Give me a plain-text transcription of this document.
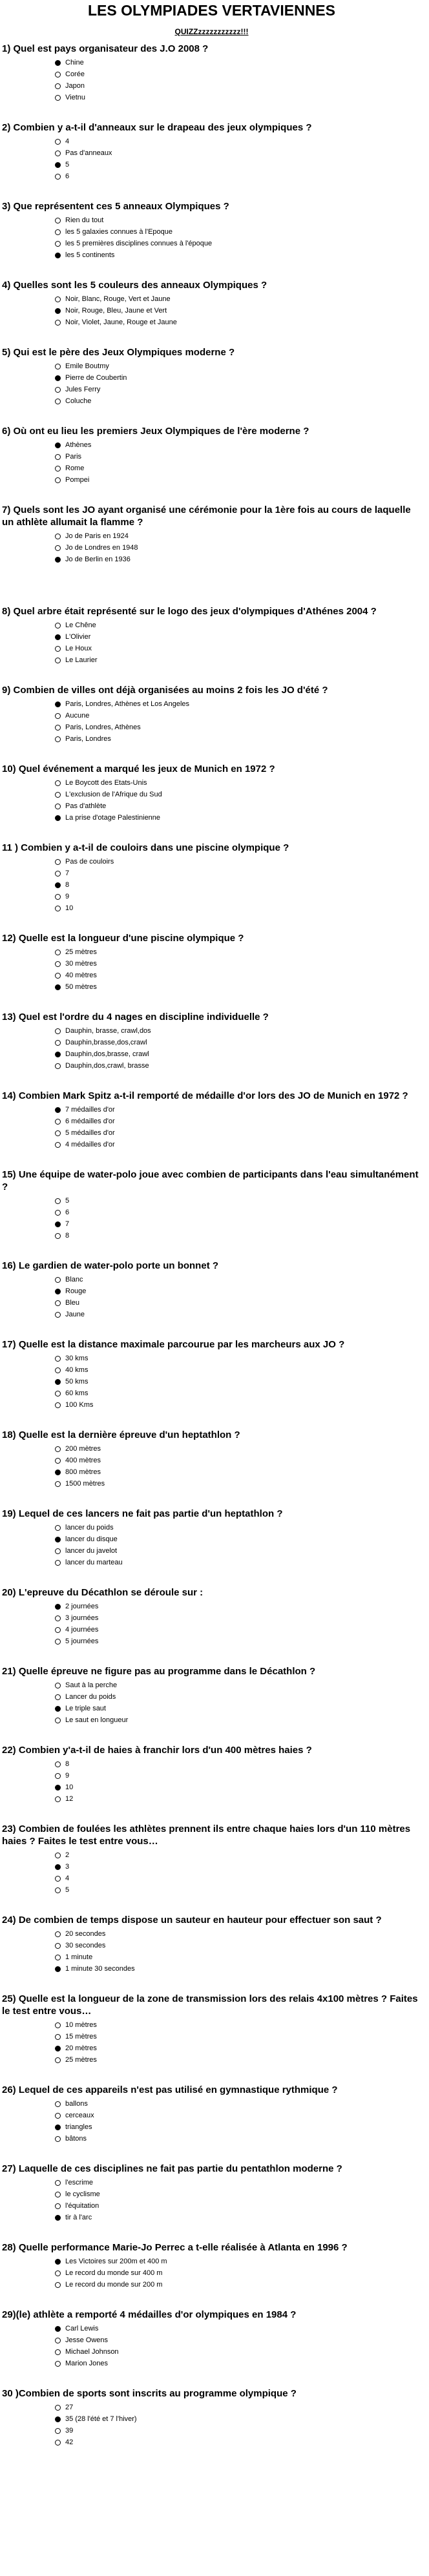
LES OLYMPIADES VERTAVIENNES
QUIZZzzzzzzzzzzz!!!
1) Quel est pays organisateur des J.O 2008 ?
Chine
Corée
Japon
Vietnu
2) Combien y a-t-il d'anneaux sur le drapeau des jeux olympiques ?
4
Pas d'anneaux
5
6
3) Que représentent ces 5 anneaux Olympiques ?
Rien du tout
les 5 galaxies connues à l'Epoque
les 5 premières disciplines connues à l'époque
les 5 continents
4) Quelles sont les 5 couleurs des anneaux Olympiques ?
Noir, Blanc, Rouge, Vert et Jaune
Noir, Rouge, Bleu, Jaune et Vert
Noir, Violet, Jaune, Rouge et Jaune
5) Qui est le père des Jeux Olympiques moderne ?
Emile Boutmy
Pierre de Coubertin
Jules Ferry
Coluche
6) Où ont eu lieu les premiers Jeux Olympiques de l'ère moderne ?
Athènes
Paris
Rome
Pompei
7) Quels sont les JO ayant organisé une cérémonie pour la 1ère fois au cours de laquelle un athlète allumait la flamme ?
Jo de Paris en 1924
Jo de Londres en 1948
Jo de Berlin en 1936
8) Quel arbre était représenté sur le logo des jeux d'olympiques d'Athénes 2004 ?
Le Chêne
L'Olivier
Le Houx
Le Laurier
9) Combien de villes ont déjà organisées au moins 2 fois les JO d'été ?
Paris, Londres, Athènes et Los Angeles
Aucune
Paris, Londres, Athènes
Paris, Londres
10) Quel événement a marqué les jeux de Munich en 1972 ?
Le Boycott des Etats-Unis
L'exclusion de l'Afrique du Sud
Pas d'athlète
La prise d'otage Palestinienne
11 ) Combien y a-t-il de couloirs dans une piscine olympique ?
Pas de couloirs
7
8
9
10
12) Quelle est la longueur d'une piscine olympique ?
25 mètres
30 mètres
40 mètres
50 mètres
13) Quel est l'ordre du 4 nages en discipline individuelle ?
Dauphin, brasse, crawl,dos
Dauphin,brasse,dos,crawl
Dauphin,dos,brasse, crawl
Dauphin,dos,crawl, brasse
14) Combien Mark Spitz a-t-il remporté de médaille d'or lors des JO de Munich en 1972 ?
7 médailles d'or
6 médailles d'or
5 médailles d'or
4 médailles d'or
15) Une équipe de water-polo joue avec combien de participants dans l'eau simultanément ?
5
6
7
8
16) Le gardien de water-polo porte un bonnet ?
Blanc
Rouge
Bleu
Jaune
17) Quelle est la distance maximale parcourue par les marcheurs aux JO ?
30 kms
40 kms
50 kms
60 kms
100 Kms
18) Quelle est la dernière épreuve d'un heptathlon ?
200 mètres
400 mètres
800 mètres
1500 mètres
19) Lequel de ces lancers ne fait pas partie d'un heptathlon ?
lancer du poids
lancer du disque
lancer du javelot
lancer du marteau
20) L'epreuve du Décathlon se déroule sur :
2 journées
3 journées
4 journées
5 journées
21) Quelle épreuve ne figure pas au programme dans le Décathlon ?
Saut à la perche
Lancer du poids
Le triple saut
Le saut en longueur
22) Combien y'a-t-il de haies à franchir lors d'un 400 mètres haies ?
8
9
10
12
23) Combien de foulées les athlètes prennent ils entre chaque haies lors d'un 110 mètres haies ? Faites le test entre vous…
2
3
4
5
24) De combien de temps dispose un sauteur en hauteur pour effectuer son saut ?
20 secondes
30 secondes
1 minute
1 minute 30 secondes
25) Quelle est la longueur de la zone de transmission lors des relais 4x100 mètres ? Faites le test entre vous…
10 mètres
15 mètres
20 mètres
25 mètres
26) Lequel de ces appareils n'est pas utilisé en gymnastique rythmique ?
ballons
cerceaux
triangles
bâtons
27) Laquelle de ces disciplines ne fait pas partie du pentathlon moderne ?
l'escrime
le cyclisme
l'équitation
tir à l'arc
28) Quelle performance Marie-Jo Perrec a t-elle réalisée à Atlanta en 1996 ?
Les Victoires sur 200m et 400 m
Le record du monde sur 400 m
Le record du monde sur 200 m
29)(le) athlète a remporté 4 médailles d'or olympiques en 1984 ?
Carl Lewis
Jesse Owens
Michael Johnson
Marion Jones
30 )Combien de sports sont inscrits au programme olympique ?
27
35 (28 l'été et 7 l'hiver)
39
42
